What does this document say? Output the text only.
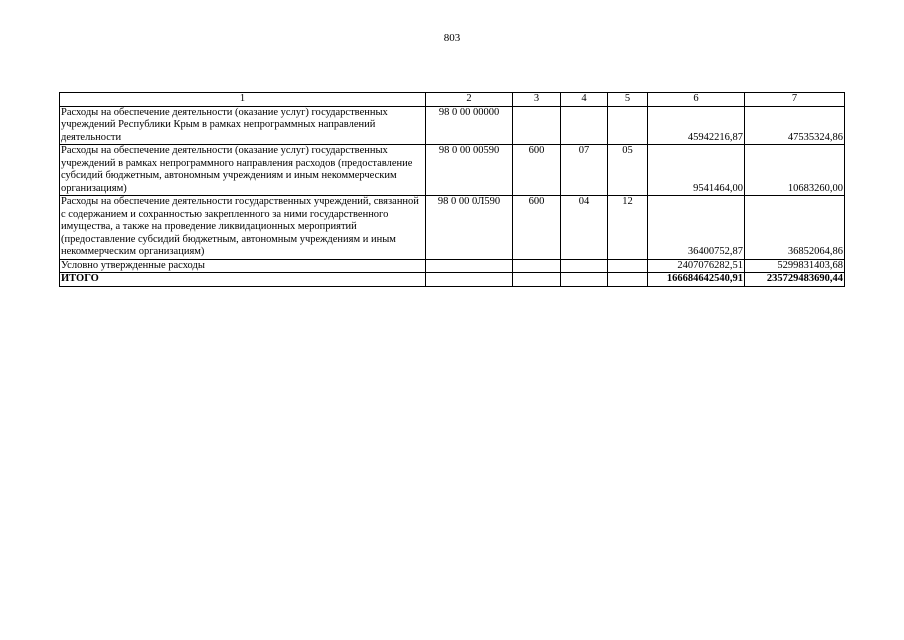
803
1	2	3	4	5	6	7
Расходы на обеспечение деятельности (оказание услуг) государственных учреждений Республики Крым в рамках непрограммных направлений деятельности	98 0 00 00000				45942216,87	47535324,86
Расходы на обеспечение деятельности (оказание услуг) государственных учреждений в рамках непрограммного направления расходов (предоставление субсидий бюджетным, автономным учреждениям и иным некоммерческим организациям)	98 0 00 00590	600	07	05	9541464,00	10683260,00
Расходы на обеспечение деятельности государственных учреждений, связанной с содержанием и сохранностью закрепленного за ними государственного имущества, а также на проведение ликвидационных мероприятий (предоставление субсидий бюджетным, автономным учреждениям и иным некоммерческим организациям)	98 0 00 0Л590	600	04	12	36400752,87	36852064,86
Условно утвержденные расходы					2407076282,51	5299831403,68
ИТОГО					166684642540,91	235729483690,44
